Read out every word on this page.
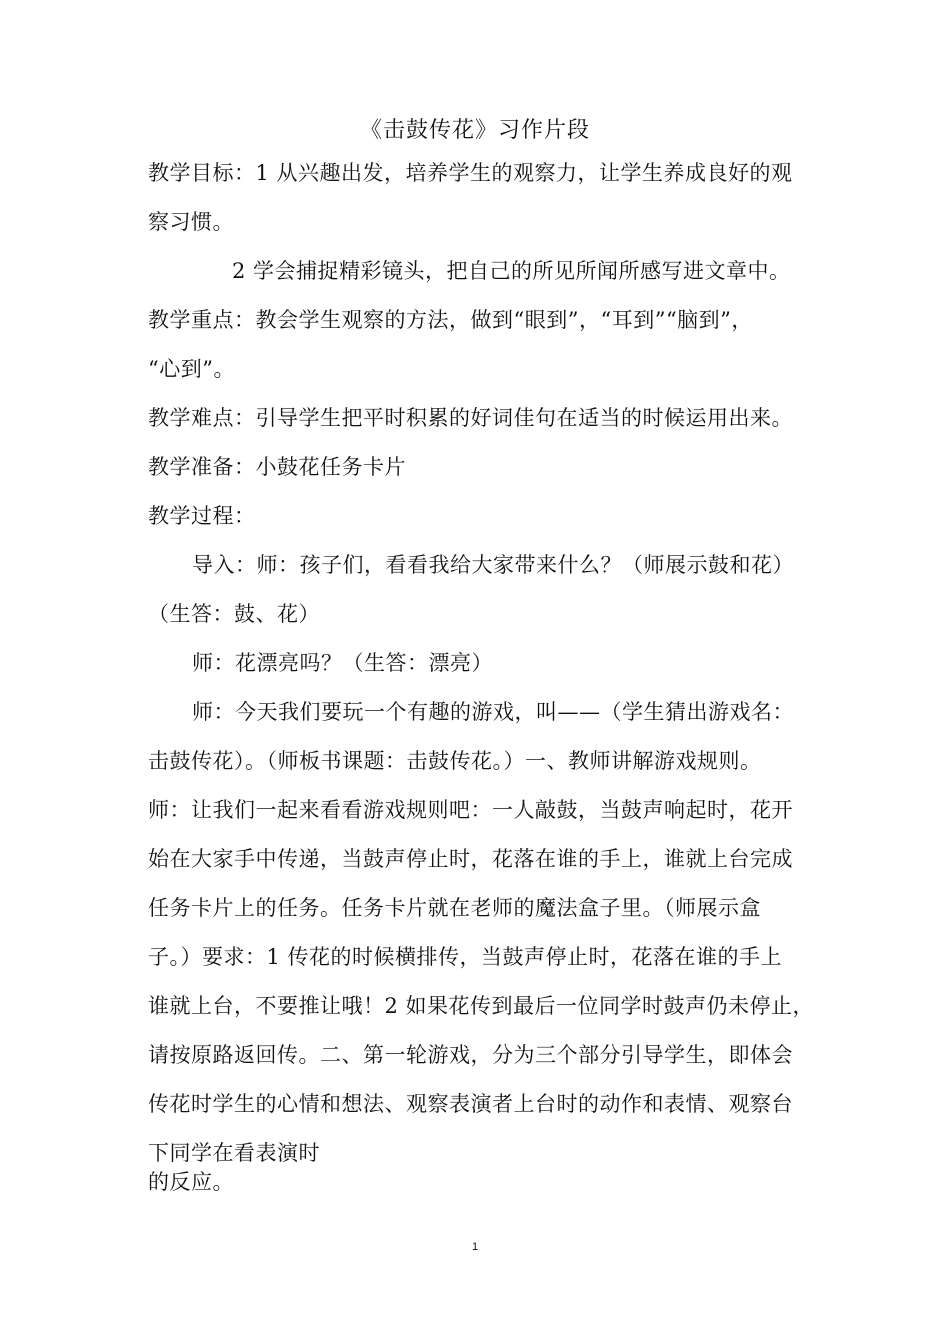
《击鼓传花》习作片段
教学目标：1 从兴趣出发，培养学生的观察力，让学生养成良好的观
察习惯。
2 学会捕捉精彩镜头，把自己的所见所闻所感写进文章中。
教学重点：教会学生观察的方法，做到“眼到”，“耳到”“脑到”，
“心到”。
教学难点：引导学生把平时积累的好词佳句在适当的时候运用出来。
教学准备：小鼓花任务卡片
教学过程：
导入：师：孩子们，看看我给大家带来什么？（师展示鼓和花）
（生答：鼓、花）
师：花漂亮吗？（生答：漂亮）
师：今天我们要玩一个有趣的游戏，叫——（学生猜出游戏名：
击鼓传花）。（师板书课题：击鼓传花。）一、教师讲解游戏规则。
师：让我们一起来看看游戏规则吧：一人敲鼓，当鼓声响起时，花开
始在大家手中传递，当鼓声停止时，花落在谁的手上，谁就上台完成
任务卡片上的任务。任务卡片就在老师的魔法盒子里。（师展示盒
子。）要求：1 传花的时候横排传，当鼓声停止时，花落在谁的手上
谁就上台，不要推让哦！2 如果花传到最后一位同学时鼓声仍未停止，
请按原路返回传。二、第一轮游戏，分为三个部分引导学生，即体会
传花时学生的心情和想法、观察表演者上台时的动作和表情、观察台
下同学在看表演时
的反应。
1
